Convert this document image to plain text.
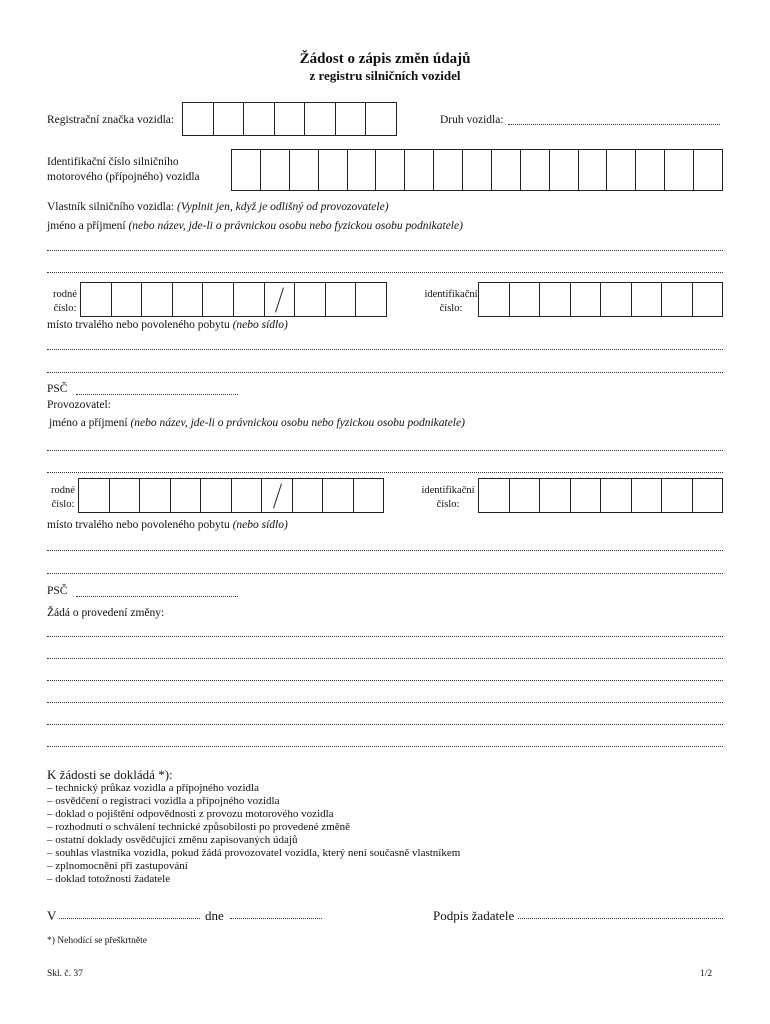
Žádost o zápis změn údajů
z registru silničních vozidel
Registrační značka vozidla:	Druh vozidla:
Identifikační číslo silničního
motorového (přípojného) vozidla
Vlastník silničního vozidla: (Vyplnit jen, když je odlišný od provozovatele)
jméno a příjmení (nebo název, jde-li o právnickou osobu nebo fyzickou osobu podnikatele)
rodné
číslo:
identifikační
číslo:
místo trvalého nebo povoleného pobytu (nebo sídlo)
PSČ
Provozovatel:
jméno a příjmení (nebo název, jde-li o právnickou osobu nebo fyzickou osobu podnikatele)
rodné
číslo:
identifikační
číslo:
místo trvalého nebo povoleného pobytu (nebo sídlo)
PSČ
Žádá o provedení změny:
K žádosti se dokládá *):
– technický průkaz vozidla a přípojného vozidla
– osvědčení o registraci vozidla a přípojného vozidla
– doklad o pojištění odpovědnosti z provozu motorového vozidla
– rozhodnutí o schválení technické způsobilosti po provedené změně
– ostatní doklady osvědčující změnu zapisovaných údajů
– souhlas vlastníka vozidla, pokud žádá provozovatel vozidla, který není současně vlastníkem
– zplnomocnění při zastupování
– doklad totožnosti žadatele
V	dne	Podpis žadatele
*) Nehodící se přeškrtněte
Skl. č. 37	1/2
